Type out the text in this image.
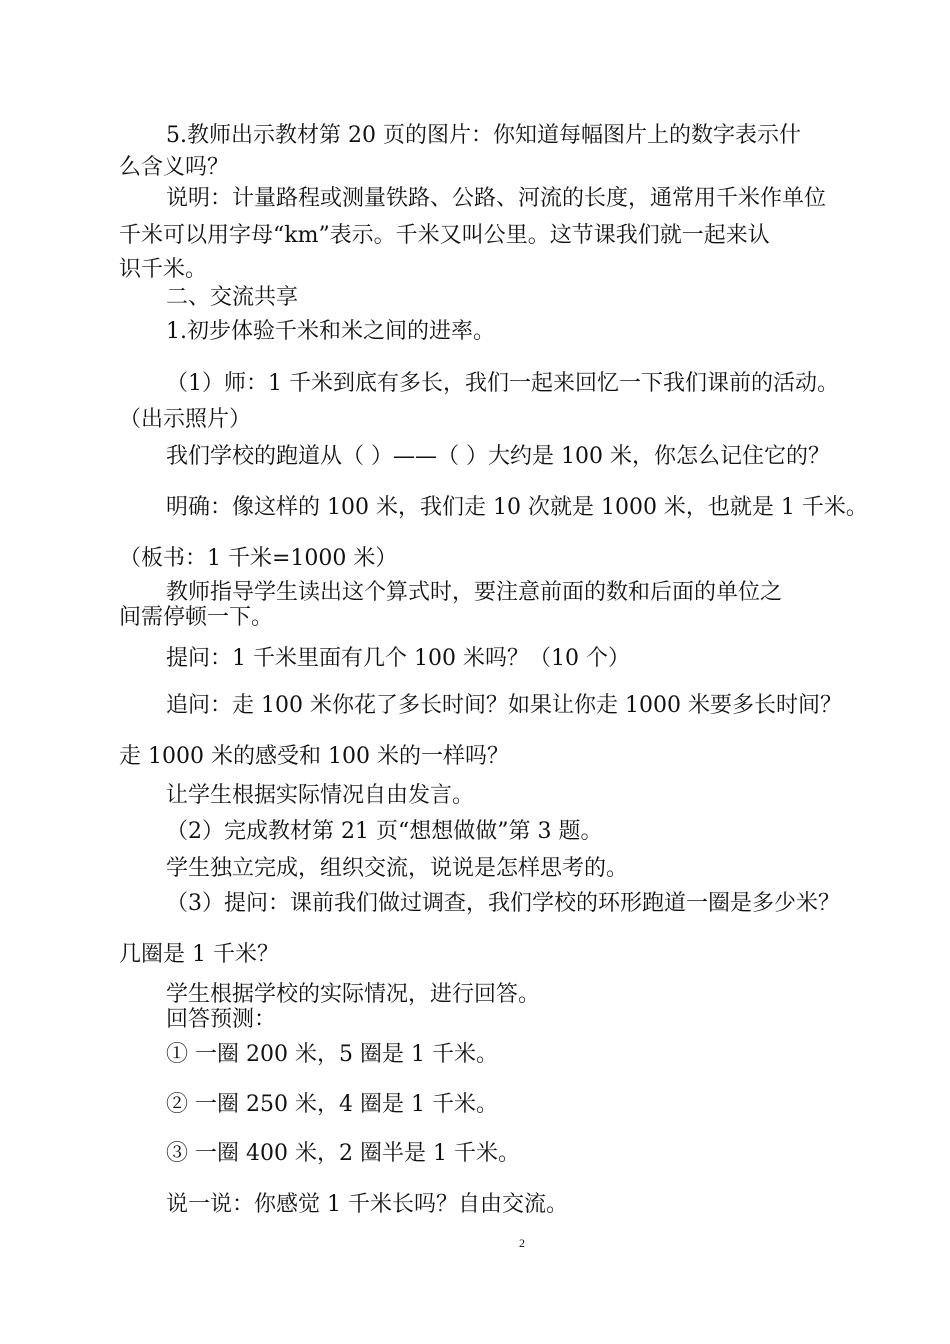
5.教师出示教材第 20 页的图片：你知道每幅图片上的数字表示什
么含义吗？
说明：计量路程或测量铁路、公路、河流的长度，通常用千米作单位
千米可以用字母“km”表示。千米又叫公里。这节课我们就一起来认
识千米。
二、交流共享
1.初步体验千米和米之间的进率。
（1）师：1 千米到底有多长，我们一起来回忆一下我们课前的活动。
（出示照片）
我们学校的跑道从（ ）——（ ）大约是 100 米，你怎么记住它的？
明确：像这样的 100 米，我们走 10 次就是 1000 米，也就是 1 千米。
（板书：1 千米=1000 米）
教师指导学生读出这个算式时，要注意前面的数和后面的单位之
间需停顿一下。
提问：1 千米里面有几个 100 米吗？（10 个）
追问：走 100 米你花了多长时间？如果让你走 1000 米要多长时间？
走 1000 米的感受和 100 米的一样吗？
让学生根据实际情况自由发言。
（2）完成教材第 21 页“想想做做”第 3 题。
学生独立完成，组织交流，说说是怎样思考的。
（3）提问：课前我们做过调查，我们学校的环形跑道一圈是多少米？
几圈是 1 千米？
学生根据学校的实际情况，进行回答。
回答预测：
① 一圈 200 米，5 圈是 1 千米。
② 一圈 250 米，4 圈是 1 千米。
③ 一圈 400 米，2 圈半是 1 千米。
说一说：你感觉 1 千米长吗？自由交流。
2
